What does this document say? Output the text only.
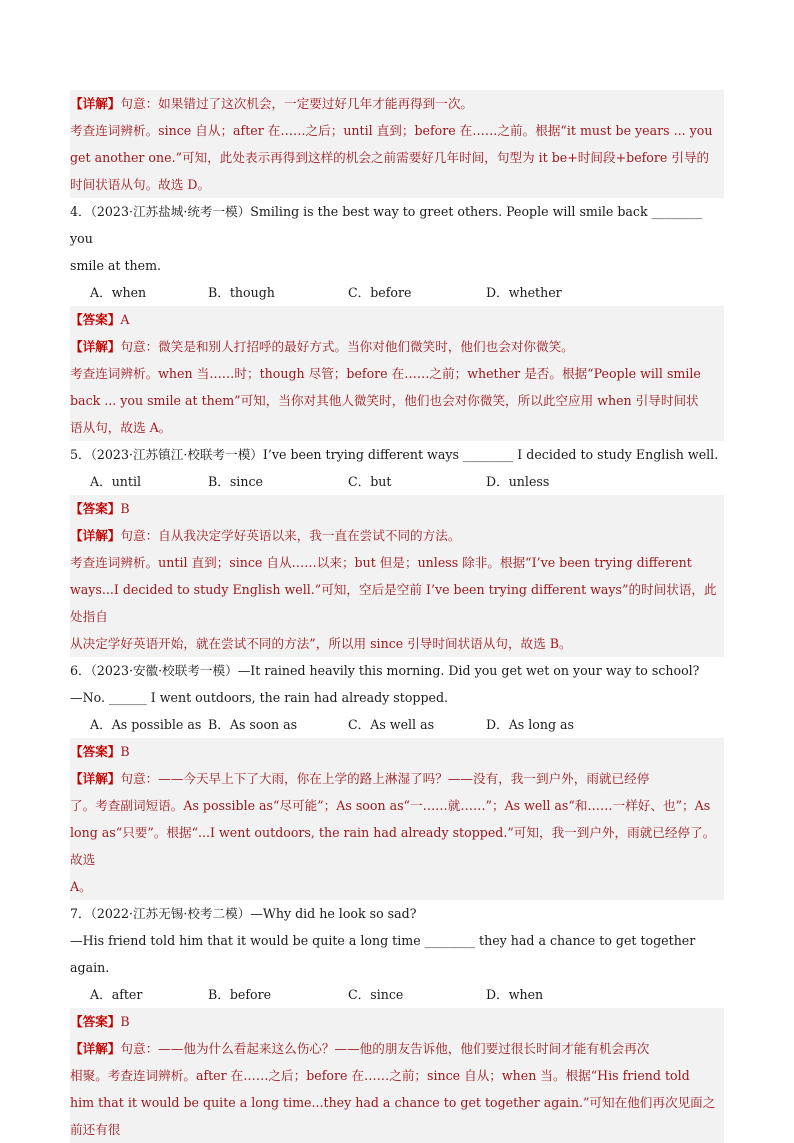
【详解】句意：如果错过了这次机会，一定要过好几年才能再得到一次。
考查连词辨析。since 自从；after 在……之后；until 直到；before 在……之前。根据“it must be years ... you
get another one.”可知，此处表示再得到这样的机会之前需要好几年时间，句型为 it be+时间段+before 引导的
时间状语从句。故选 D。
4．（2023·江苏盐城·统考一模）Smiling is the best way to greet others. People will smile back ________ you
smile at them.
A．when	B．though	C．before	D．whether
【答案】A
【详解】句意：微笑是和别人打招呼的最好方式。当你对他们微笑时，他们也会对你微笑。
考查连词辨析。when 当……时；though 尽管；before 在……之前；whether 是否。根据“People will smile
back ... you smile at them”可知，当你对其他人微笑时，他们也会对你微笑，所以此空应用 when 引导时间状
语从句，故选 A。
5．（2023·江苏镇江·校联考一模）I’ve been trying different ways ________ I decided to study English well.
A．until	B．since	C．but	D．unless
【答案】B
【详解】句意：自从我决定学好英语以来，我一直在尝试不同的方法。
考查连词辨析。until 直到；since 自从……以来；but 但是；unless 除非。根据“I’ve been trying different
ways...I decided to study English well.”可知，空后是空前 I’ve been trying different ways”的时间状语，此处指自
从决定学好英语开始，就在尝试不同的方法”，所以用 since 引导时间状语从句，故选 B。
6．（2023·安徽·校联考一模）—It rained heavily this morning. Did you get wet on your way to school?
—No. ______ I went outdoors, the rain had already stopped.
A．As possible as B．As soon as	C．As well as	D．As long as
【答案】B
【详解】句意：——今天早上下了大雨，你在上学的路上淋湿了吗？——没有，我一到户外，雨就已经停
了。考查副词短语。As possible as“尽可能”；As soon as“一……就……”；As well as“和……一样好、也”；As
long as“只要”。根据“...I went outdoors, the rain had already stopped.”可知，我一到户外，雨就已经停了。故选
A。
7．（2022·江苏无锡·校考二模）—Why did he look so sad?
—His friend told him that it would be quite a long time ________ they had a chance to get together again.
A．after	B．before	C．since	D．when
【答案】B
【详解】句意：——他为什么看起来这么伤心？——他的朋友告诉他，他们要过很长时间才能有机会再次
相聚。考查连词辨析。after 在……之后；before 在……之前；since 自从；when 当。根据“His friend told
him that it would be quite a long time...they had a chance to get together again.”可知在他们再次见面之前还有很
